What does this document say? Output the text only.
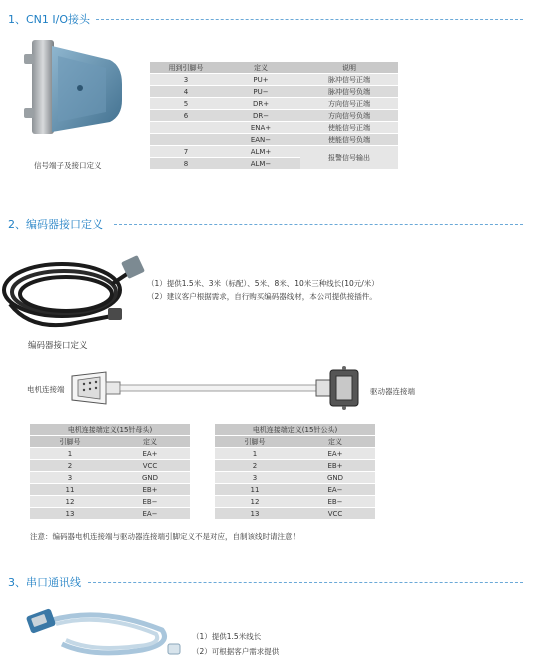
1、CN1 I/O接头
信号端子及接口定义
用到引脚号	定义	说明
3	PU+	脉冲信号正端
4	PU−	脉冲信号负端
5	DR+	方向信号正端
6	DR−	方向信号负端
	ENA+	使能信号正端
	EAN−	使能信号负端
7	ALM+	报警信号输出
8	ALM−	
2、编码器接口定义
（1）提供1.5米、3米（标配）、5米、8米、10米三种线长(10元/米）
（2）建议客户根据需求，自行购买编码器线材，本公司提供接插件。
编码器接口定义
电机连接端	驱动器连接端
电机连接端定义(15针母头)	
引脚号	定义
1	EA+
2	VCC
3	GND
11	EB+
12	EB−
13	EA−
电机连接端定义(15针公头)	
引脚号	定义
1	EA+
2	EB+
3	GND
11	EA−
12	EB−
13	VCC
注意：编码器电机连接端与驱动器连接端引脚定义不是对应，自制该线时请注意！
3、串口通讯线
（1）提供1.5米线长
（2）可根据客户需求提供
